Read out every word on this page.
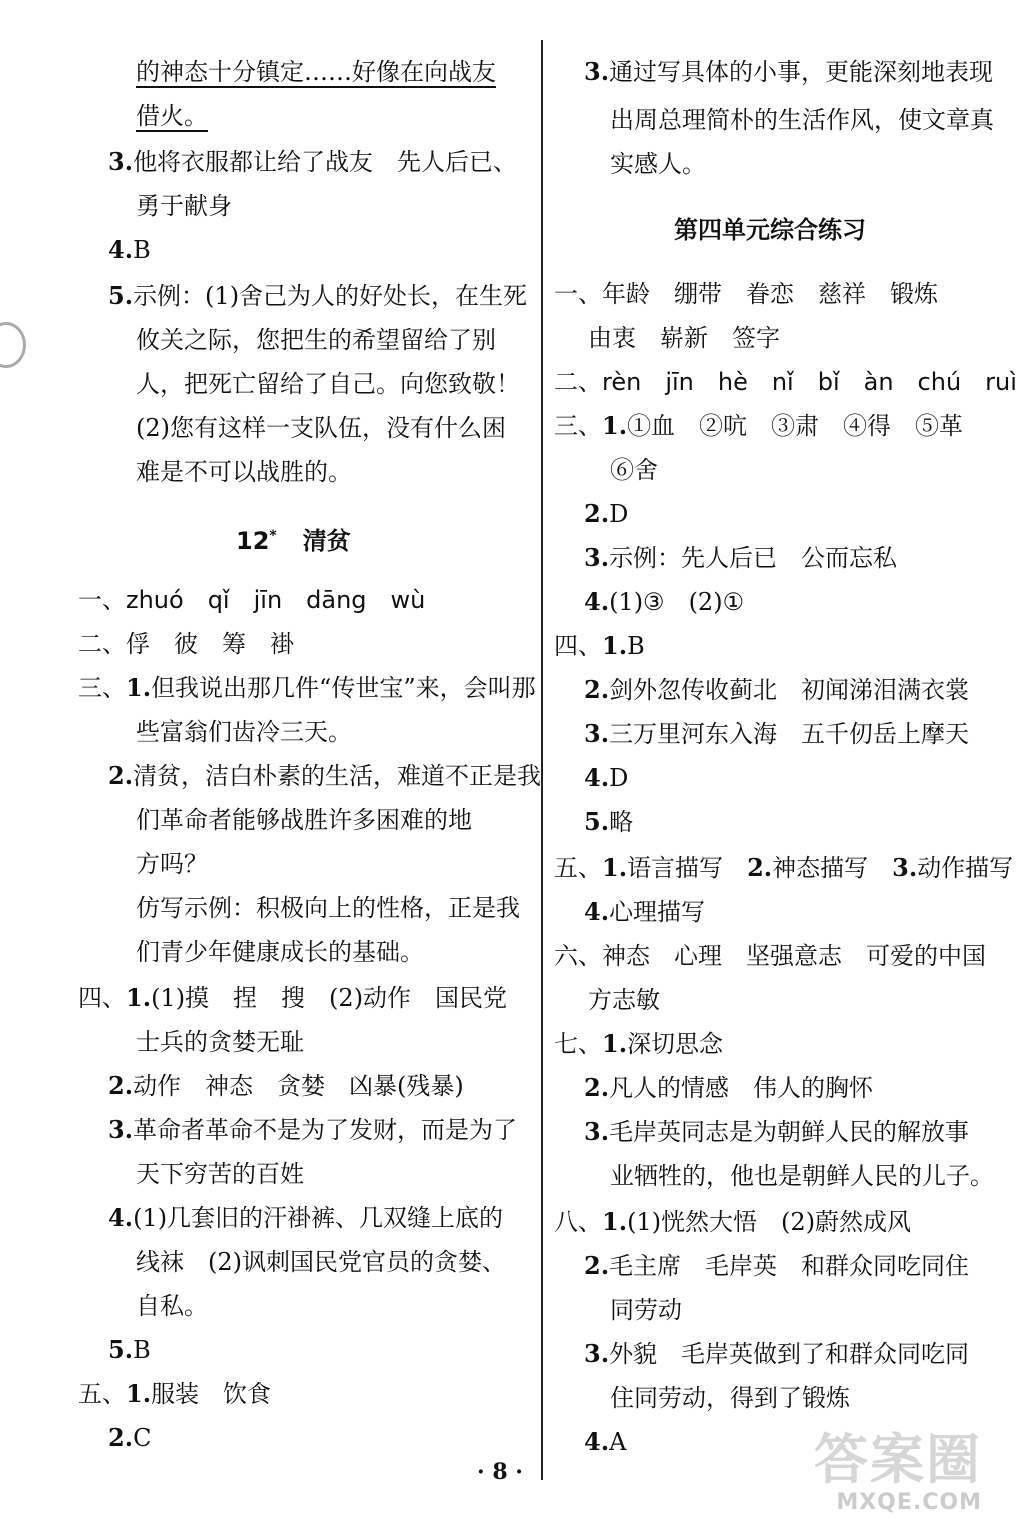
的神态十分镇定……好像在向战友
借火。
3.他将衣服都让给了战友　先人后已、
勇于献身
4.B
5.示例：(1)舍己为人的好处长，在生死
攸关之际，您把生的希望留给了别
人，把死亡留给了自己。向您致敬！
(2)您有这样一支队伍，没有什么困
难是不可以战胜的。
12* 清贫
一、zhuó　qǐ　jīn　dāng　wù
二、俘　彼　筹　褂
三、1.但我说出那几件“传世宝”来，会叫那
些富翁们齿冷三天。
2.清贫，洁白朴素的生活，难道不正是我
们革命者能够战胜许多困难的地
方吗？
仿写示例：积极向上的性格，正是我
们青少年健康成长的基础。
四、1.(1)摸　捏　搜　(2)动作　国民党
士兵的贪婪无耻
2.动作　神态　贪婪　凶暴(残暴)
3.革命者革命不是为了发财，而是为了
天下穷苦的百姓
4.(1)几套旧的汗褂裤、几双缝上底的
线袜　(2)讽刺国民党官员的贪婪、
自私。
5.B
五、1.服装　饮食
2.C
3.通过写具体的小事，更能深刻地表现
出周总理简朴的生活作风，使文章真
实感人。
第四单元综合练习
一、年龄　绷带　眷恋　慈祥　锻炼
由衷　崭新　签字
二、rèn　jīn　hè　nǐ　bǐ　àn　chú　ruì
三、1.①血　②吭　③肃　④得　⑤革
⑥舍
2.D
3.示例：先人后已　公而忘私
4.(1)③　(2)①
四、1.B
2.剑外忽传收蓟北　初闻涕泪满衣裳
3.三万里河东入海　五千仞岳上摩天
4.D
5.略
五、1.语言描写　 2.神态描写　 3.动作描写
4.心理描写
六、神态　心理　坚强意志　可爱的中国
方志敏
七、1.深切思念
2.凡人的情感　伟人的胸怀
3.毛岸英同志是为朝鲜人民的解放事
业牺牲的，他也是朝鲜人民的儿子。
八、1.(1)恍然大悟　(2)蔚然成风
2.毛主席　毛岸英　和群众同吃同住
同劳动
3.外貌　毛岸英做到了和群众同吃同
住同劳动，得到了锻炼
4.A
· 8 ·	答案圈
MXQE.COM
